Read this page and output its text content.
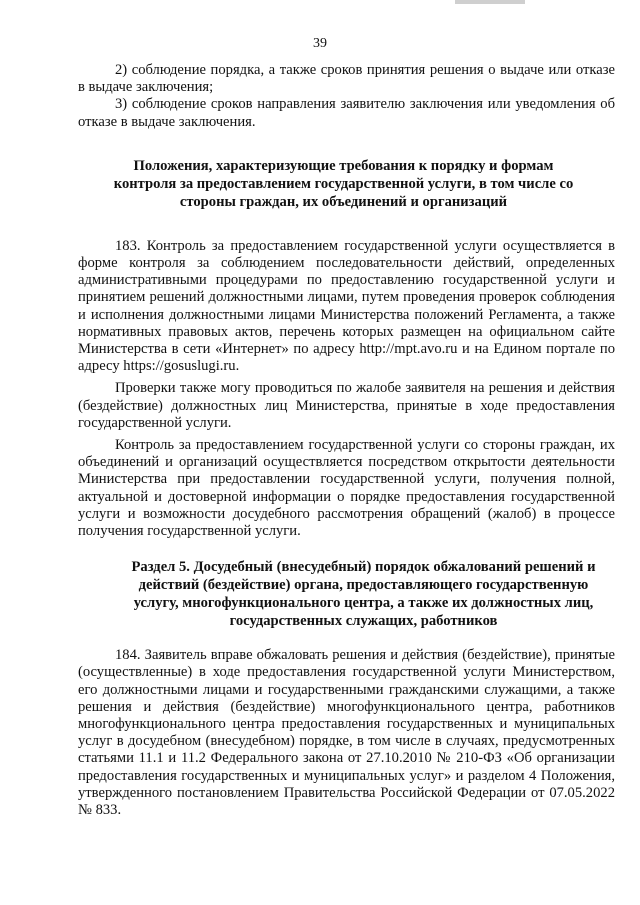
39

2) соблюдение порядка, а также сроков принятия решения о выдаче или отказе в выдаче заключения;

3) соблюдение сроков направления заявителю заключения или уведомления об отказе в выдаче заключения.

Положения, характеризующие требования к порядку и формам контроля за предоставлением государственной услуги, в том числе со стороны граждан, их объединений и организаций

183. Контроль за предоставлением государственной услуги осуществляется в форме контроля за соблюдением последовательности действий, определенных административными процедурами по предоставлению государственной услуги и принятием решений должностными лицами, путем проведения проверок соблюдения и исполнения должностными лицами Министерства положений Регламента, а также нормативных правовых актов, перечень которых размещен на официальном сайте Министерства в сети «Интернет» по адресу http://mpt.avo.ru и на Едином портале по адресу https://gosuslugi.ru.

Проверки также могу проводиться по жалобе заявителя на решения и действия (бездействие) должностных лиц Министерства, принятые в ходе предоставления государственной услуги.

Контроль за предоставлением государственной услуги со стороны граждан, их объединений и организаций осуществляется посредством открытости деятельности Министерства при предоставлении государственной услуги, получения полной, актуальной и достоверной информации о порядке предоставления государственной услуги и возможности досудебного рассмотрения обращений (жалоб) в процессе получения государственной услуги.

Раздел 5. Досудебный (внесудебный) порядок обжалований решений и действий (бездействие) органа, предоставляющего государственную услугу, многофункционального центра, а также их должностных лиц, государственных служащих, работников

184. Заявитель вправе обжаловать решения и действия (бездействие), принятые (осуществленные) в ходе предоставления государственной услуги Министерством, его должностными лицами и государственными гражданскими служащими, а также решения и действия (бездействие) многофункционального центра, работников многофункционального центра предоставления государственных и муниципальных услуг в досудебном (внесудебном) порядке, в том числе в случаях, предусмотренных статьями 11.1 и 11.2 Федерального закона от 27.10.2010 № 210-ФЗ «Об организации предоставления государственных и муниципальных услуг» и разделом 4 Положения, утвержденного постановлением Правительства Российской Федерации от 07.05.2022 № 833.
